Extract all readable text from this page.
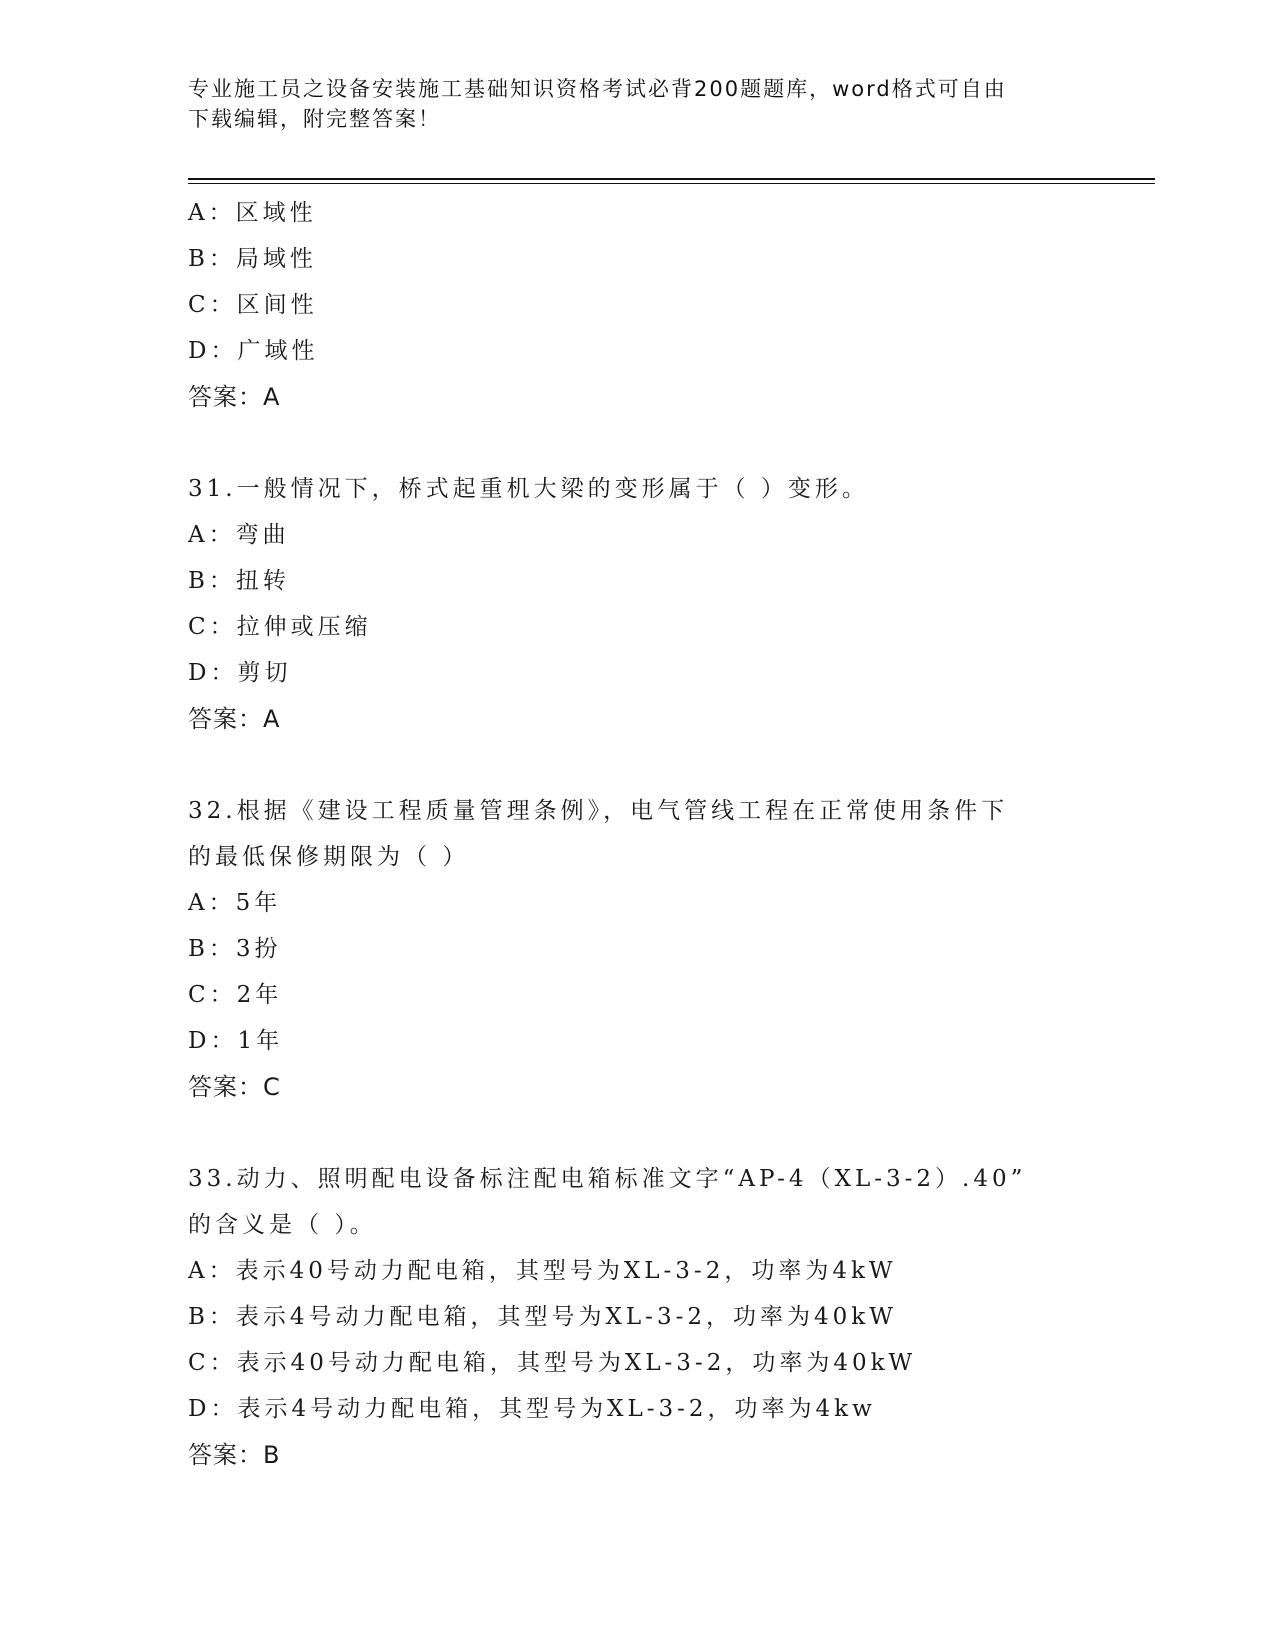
专业施工员之设备安装施工基础知识资格考试必背200题题库，word格式可自由
下载编辑，附完整答案！
A：区域性
B：局域性
C：区间性
D：广域性
答案：A
31.一般情况下，桥式起重机大梁的变形属于（ ）变形。
A：弯曲
B：扭转
C：拉伸或压缩
D：剪切
答案：A
32.根据《建设工程质量管理条例》，电气管线工程在正常使用条件下
的最低保修期限为（ ）
A：5年
B：3扮
C：2年
D：1年
答案：C
33.动力、照明配电设备标注配电箱标准文字“AP-4（XL-3-2）.40”
的含义是（ ）。
A：表示40号动力配电箱，其型号为XL-3-2，功率为4kW
B：表示4号动力配电箱，其型号为XL-3-2，功率为40kW
C：表示40号动力配电箱，其型号为XL-3-2，功率为40kW
D：表示4号动力配电箱，其型号为XL-3-2，功率为4kw
答案：B
